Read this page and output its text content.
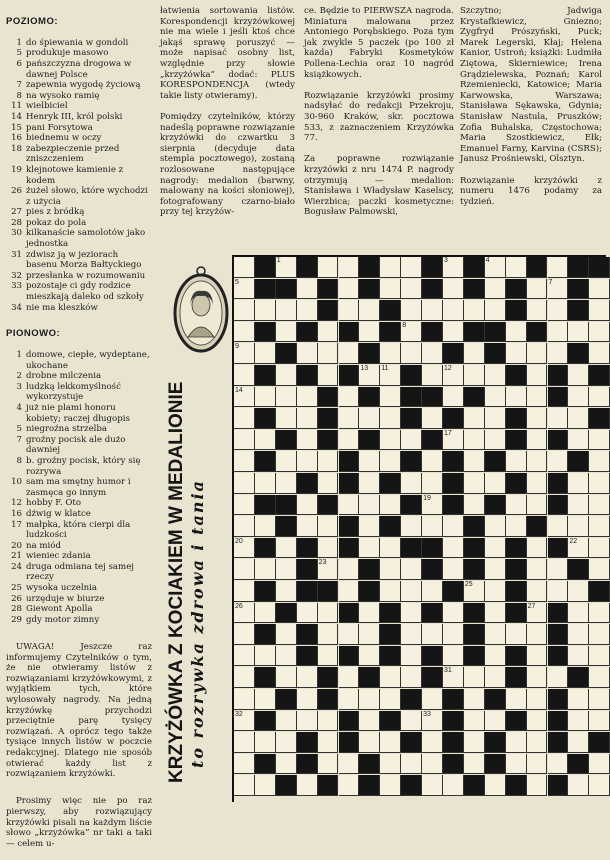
POZIOMO:

1 do śpiewania w gondoli
5 produkuje masowo
6 pańszczyzna drogowa w dawnej Polsce
7 zapewnia wygodę życiową
8 na wysoko ramię
11 wielbiciel
14 Henryk III, król polski
15 pani Forsytowa
16 biednemu w oczy
18 zabezpieczenie przed zniszczeniem
19 klejnotowe kamienie z kodem
26 żużel słowo, które wychodzi z użycia
27 pies z bródką
28 pokaz do pola
30 kilkanaście samolotów jako jednostka
31 zdwisz ją w jeziorach basenu Morza Bałtyckiego
32 przesłanka w rozumowaniu
33 pozostaje ci gdy rodzice mieszkają daleko od szkoły
34 nie ma kleszków

PIONOWO:

1 domowe, ciepłe, wydeptane, ukochane
2 drobne milczenia
3 ludzką lekkomyślność wykorzystuje
4 już nie plami honoru kobiety; raczej długopis
5 niegroźna strzelba
7 groźny pocisk ale dużo dawniej
8 b. groźny pocisk, który się rozrywa
10 sam ma smętny humor i zasmęca go innym
12 hobby F. Oto
16 dźwig w klatce
17 małpka, która cierpi dla ludzkości
20 na miód
21 wieniec zdania
24 druga odmiana tej samej rzeczy
25 wysoka uczelnia
26 urzęduje w biurze
28 Giewont Apolla
29 gdy motor zimny

UWAGA! Jeszcze raz informujemy Czytelników o tym, że nie otwieramy listów z rozwiązaniami krzyżówkowymi, z wyjątkiem tych, które wylosowały nagrody. Na jedną krzyżówkę przychodzi przeciętnie parę tysięcy rozwiązań. A oprócz tego także tysiące innych listów w poczcie redakcyjnej. Dlatego nie sposób otwierać każdy list z rozwiązaniem krzyżówki.

Prosimy więc nie po raz pierwszy, aby rozwiązujący krzyżówki pisali na każdym liście słowo „krzyżówka” nr taki a taki — celem u-

łatwienia sortowania listów. Korespondencji krzyżówkowej nie ma wiele i jeśli ktoś chce jakąś sprawę poruszyć — może napisać osobny list, względnie przy słowie „krzyżówka” dodać: PLUS KORESPONDENCJA (wtedy takie listy otwieramy).

Pomiędzy czytelników, którzy nadeślą poprawne rozwiązanie krzyżówki do czwartku 3 sierpnia (decyduje data stempla pocztowego), zostaną rozlosowane następujące nagrody: medalion (barwny, malowany na kości słoniowej), fotografowany czarno-biało przy tej krzyżów-
ce. Będzie to PIERWSZA nagroda. Miniatura malowana przez Antoniego Porębskiego. Poza tym jak zwykle 5 paczek (po 100 zł każda) Fabryki Kosmetyków Pollena-Lechia oraz 10 nagród książkowych.

Rozwiązanie krzyżówki prosimy nadsyłać do redakcji Przekroju, 30-960 Kraków, skr. pocztowa 533, z zaznaczeniem Krzyżówka 77.

Za poprawne rozwiązanie krzyżówki z nru 1474 P. nagrody otrzymują — medalion: Stanisława i Władysław Kaselscy, Wierzbica; paczki kosmetyczne: Bogusław Palmowski,
Szczytno; Jadwiga Krystafkiewicz, Gniezno; Zygfryd Prószyński, Puck; Marek Legerski, Kłaj; Helena Kanior, Ustroń; książki: Ludmiła Ziętowa, Skierniewice; Irena Grądzielewska, Poznań; Karol Rzemieniecki, Katowice; Maria Karwowska, Warszawa; Stanisława Sękawska, Gdynia; Stanisław Nastula, Pruszków; Zofia Buhalska, Częstochowa; Maria Szostkiewicz, Ełk; Emanuel Farny, Karvina (CSRS); Janusz Prośniewski, Olsztyn.

Rozwiązanie krzyżówki z numeru 1476 podamy za tydzień.
KRZYŻÓWKA Z KOCIAKIEM W MEDALIONIE to rozrywka zdrowa i tania
1	3	4
5	7
8
9
13 11	12
14
17
19
20	22
23
25
26	27
31
32	33
